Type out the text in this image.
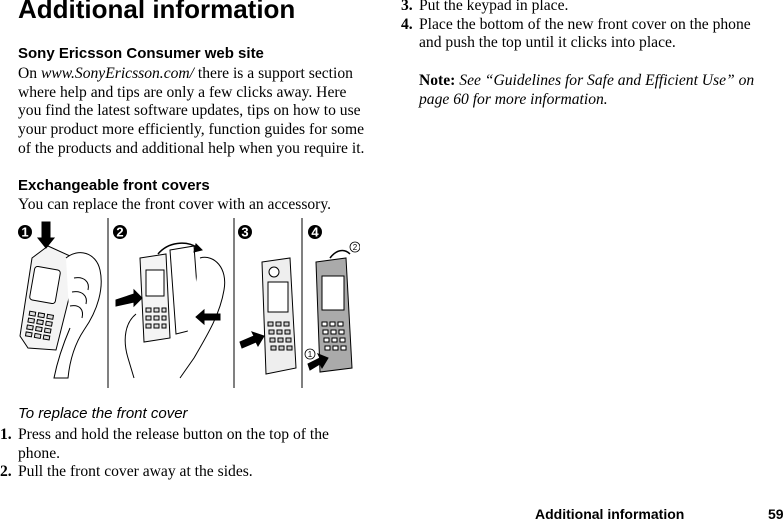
Additional information
Sony Ericsson Consumer web site
On www.SonyEricsson.com/ there is a support section
where help and tips are only a few clicks away. Here
you find the latest software updates, tips on how to use
your product more efficiently, function guides for some
of the products and additional help when you require it.
Exchangeable front covers
You can replace the front cover with an accessory.
1	2	3	4
2
1
To replace the front cover
1. Press and hold the release button on the top of the
phone.
2. Pull the front cover away at the sides.
3. Put the keypad in place.
4. Place the bottom of the new front cover on the phone
and push the top until it clicks into place.
Note: See “Guidelines for Safe and Efficient Use” on
page 60 for more information.
Additional information	59
